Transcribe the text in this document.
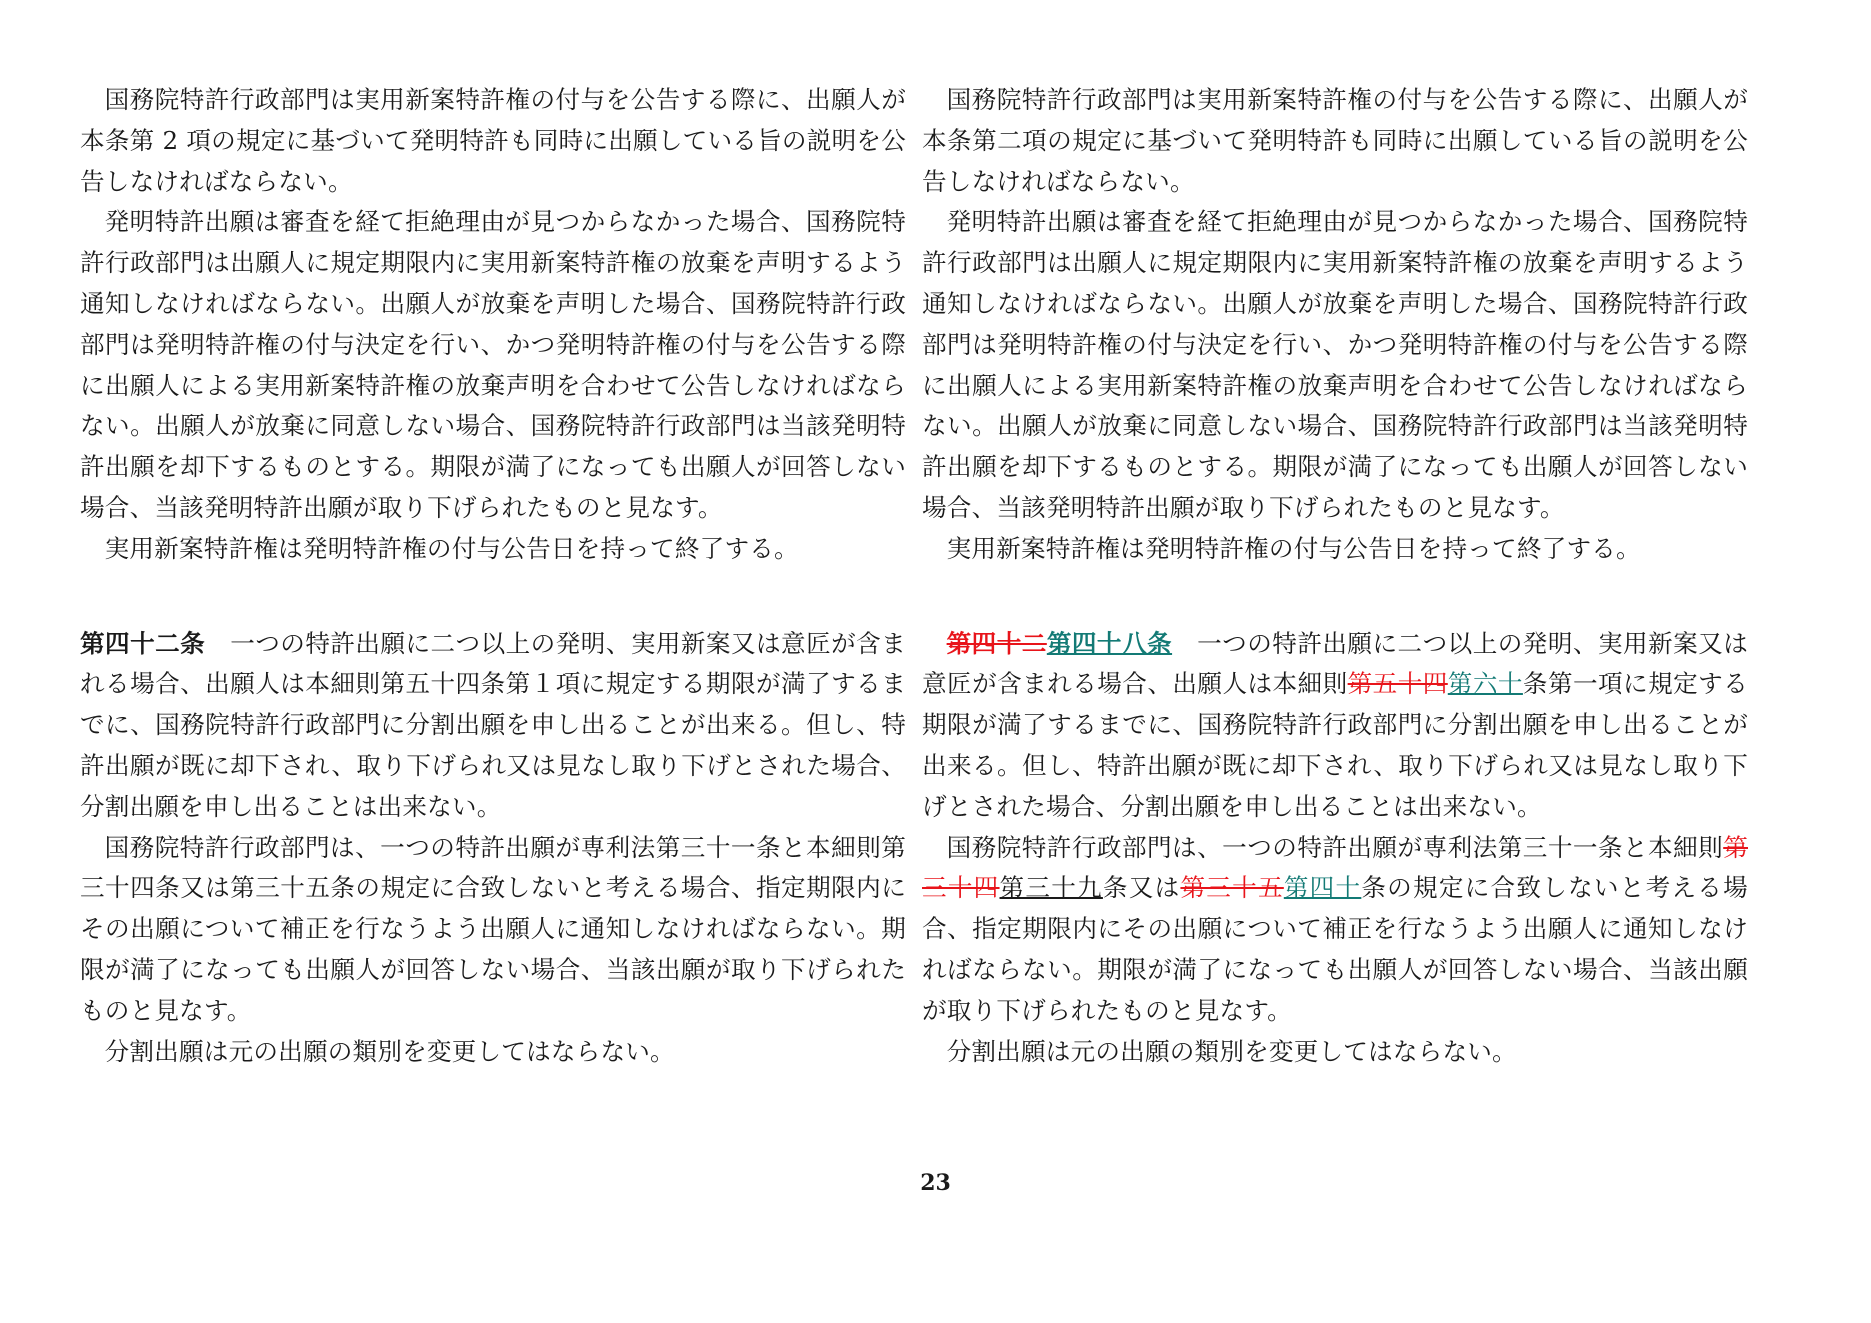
国務院特許行政部門は実用新案特許権の付与を公告する際に、出願人が本条第 2 項の規定に基づいて発明特許も同時に出願している旨の説明を公告しなければならない。

発明特許出願は審査を経て拒絶理由が見つからなかった場合、国務院特許行政部門は出願人に規定期限内に実用新案特許権の放棄を声明するよう通知しなければならない。出願人が放棄を声明した場合、国務院特許行政部門は発明特許権の付与決定を行い、かつ発明特許権の付与を公告する際に出願人による実用新案特許権の放棄声明を合わせて公告しなければならない。出願人が放棄に同意しない場合、国務院特許行政部門は当該発明特許出願を却下するものとする。期限が満了になっても出願人が回答しない場合、当該発明特許出願が取り下げられたものと見なす。

実用新案特許権は発明特許権の付与公告日を持って終了する。

第四十二条　一つの特許出願に二つ以上の発明、実用新案又は意匠が含まれる場合、出願人は本細則第五十四条第１項に規定する期限が満了するまでに、国務院特許行政部門に分割出願を申し出ることが出来る。但し、特許出願が既に却下され、取り下げられ又は見なし取り下げとされた場合、分割出願を申し出ることは出来ない。

国務院特許行政部門は、一つの特許出願が専利法第三十一条と本細則第三十四条又は第三十五条の規定に合致しないと考える場合、指定期限内にその出願について補正を行なうよう出願人に通知しなければならない。期限が満了になっても出願人が回答しない場合、当該出願が取り下げられたものと見なす。

分割出願は元の出願の類別を変更してはならない。

国務院特許行政部門は実用新案特許権の付与を公告する際に、出願人が本条第二項の規定に基づいて発明特許も同時に出願している旨の説明を公告しなければならない。

発明特許出願は審査を経て拒絶理由が見つからなかった場合、国務院特許行政部門は出願人に規定期限内に実用新案特許権の放棄を声明するよう通知しなければならない。出願人が放棄を声明した場合、国務院特許行政部門は発明特許権の付与決定を行い、かつ発明特許権の付与を公告する際に出願人による実用新案特許権の放棄声明を合わせて公告しなければならない。出願人が放棄に同意しない場合、国務院特許行政部門は当該発明特許出願を却下するものとする。期限が満了になっても出願人が回答しない場合、当該発明特許出願が取り下げられたものと見なす。

実用新案特許権は発明特許権の付与公告日を持って終了する。

第四十二第四十八条　一つの特許出願に二つ以上の発明、実用新案又は意匠が含まれる場合、出願人は本細則第五十四第六十条第一項に規定する期限が満了するまでに、国務院特許行政部門に分割出願を申し出ることが出来る。但し、特許出願が既に却下され、取り下げられ又は見なし取り下げとされた場合、分割出願を申し出ることは出来ない。

国務院特許行政部門は、一つの特許出願が専利法第三十一条と本細則第三十四第三十九条又は第三十五第四十条の規定に合致しないと考える場合、指定期限内にその出願について補正を行なうよう出願人に通知しなければならない。期限が満了になっても出願人が回答しない場合、当該出願が取り下げられたものと見なす。

分割出願は元の出願の類別を変更してはならない。

23
